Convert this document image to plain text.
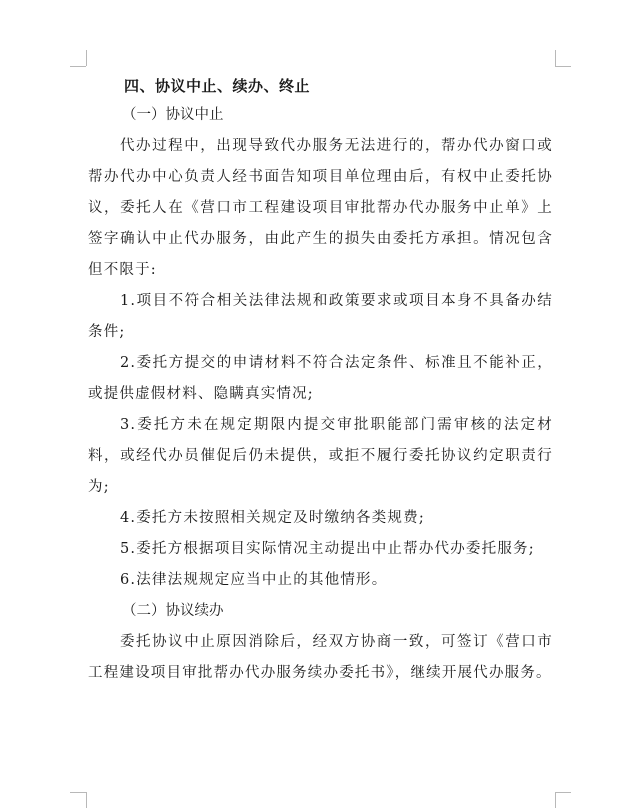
四、协议中止、续办、终止

（一）协议中止

代办过程中，出现导致代办服务无法进行的，帮办代办窗口或帮办代办中心负责人经书面告知项目单位理由后，有权中止委托协议，委托人在《营口市工程建设项目审批帮办代办服务中止单》上签字确认中止代办服务，由此产生的损失由委托方承担。情况包含但不限于:

1.项目不符合相关法律法规和政策要求或项目本身不具备办结条件;

2.委托方提交的申请材料不符合法定条件、标准且不能补正，或提供虚假材料、隐瞒真实情况;

3.委托方未在规定期限内提交审批职能部门需审核的法定材料，或经代办员催促后仍未提供，或拒不履行委托协议约定职责行为;

4.委托方未按照相关规定及时缴纳各类规费;

5.委托方根据项目实际情况主动提出中止帮办代办委托服务;

6.法律法规规定应当中止的其他情形。

（二）协议续办

委托协议中止原因消除后，经双方协商一致，可签订《营口市工程建设项目审批帮办代办服务续办委托书》，继续开展代办服务。
